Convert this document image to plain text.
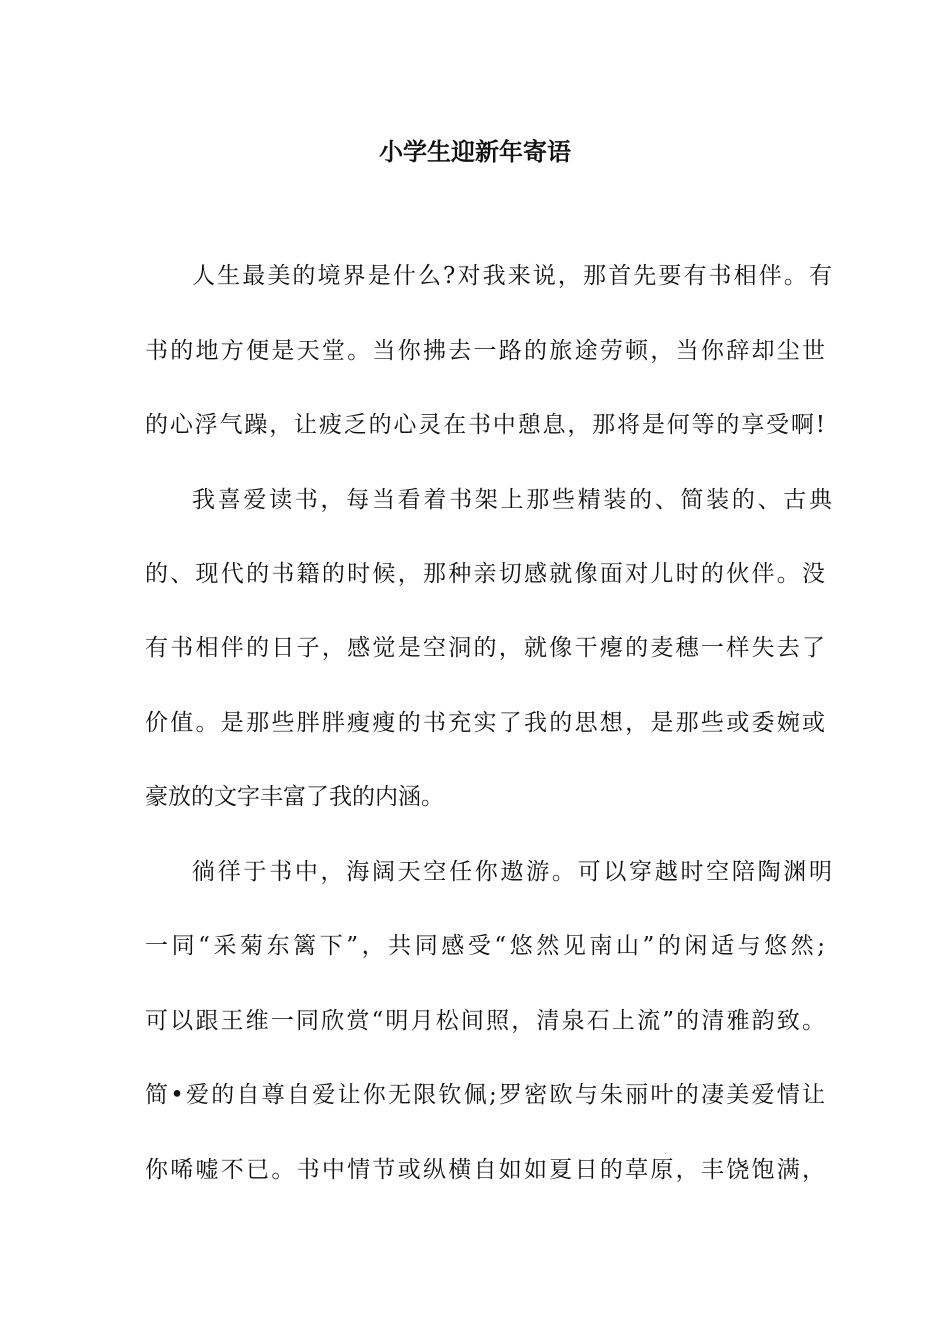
小学生迎新年寄语

人生最美的境界是什么?对我来说，那首先要有书相伴。有

书的地方便是天堂。当你拂去一路的旅途劳顿，当你辞却尘世

的心浮气躁，让疲乏的心灵在书中憩息，那将是何等的享受啊!

我喜爱读书，每当看着书架上那些精装的、简装的、古典

的、现代的书籍的时候，那种亲切感就像面对儿时的伙伴。没

有书相伴的日子，感觉是空洞的，就像干瘪的麦穗一样失去了

价值。是那些胖胖瘦瘦的书充实了我的思想，是那些或委婉或

豪放的文字丰富了我的内涵。

徜徉于书中，海阔天空任你遨游。可以穿越时空陪陶渊明

一同“采菊东篱下”，共同感受“悠然见南山”的闲适与悠然;

可以跟王维一同欣赏“明月松间照，清泉石上流”的清雅韵致。

简•爱的自尊自爱让你无限钦佩;罗密欧与朱丽叶的凄美爱情让

你唏嘘不已。书中情节或纵横自如如夏日的草原，丰饶饱满，
